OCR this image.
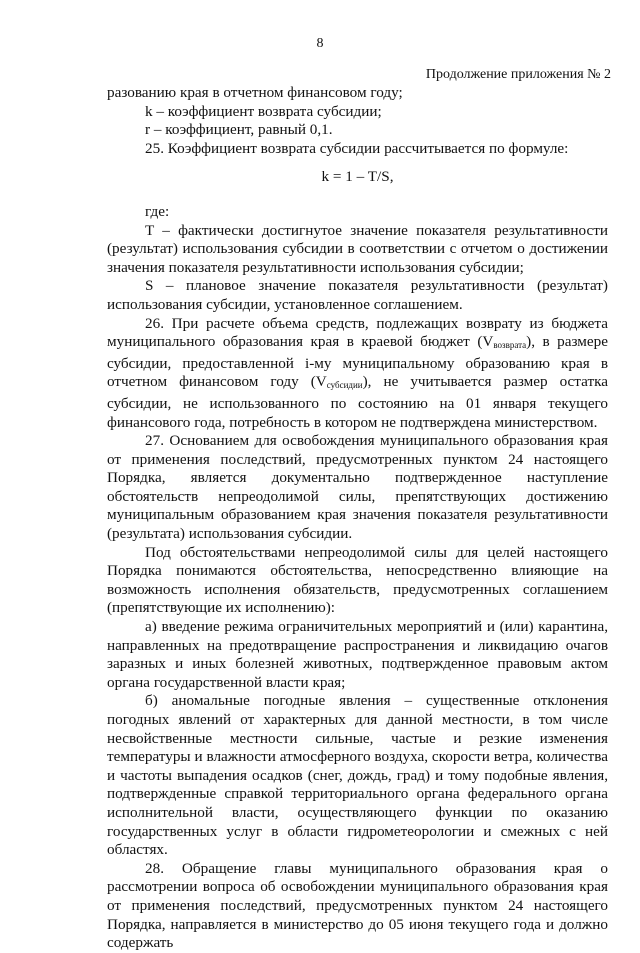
8
Продолжение приложения № 2

разованию края в отчетном финансовом году;

k – коэффициент возврата субсидии;

r – коэффициент, равный 0,1.

25. Коэффициент возврата субсидии рассчитывается по формуле:

k = 1 – T/S,

где:

T – фактически достигнутое значение показателя результативности (результат) использования субсидии в соответствии с отчетом о достижении значения показателя результативности использования субсидии;

S – плановое значение показателя результативности (результат) использования субсидии, установленное соглашением.

26. При расчете объема средств, подлежащих возврату из бюджета муниципального образования края в краевой бюджет $(V_{возврата})$, в размере субсидии, предоставленной i-му муниципальному образованию края в отчетном финансовом году $(V_{субсидии})$, не учитывается размер остатка субсидии, не использованного по состоянию на 01 января текущего финансового года, потребность в котором не подтверждена министерством.

27. Основанием для освобождения муниципального образования края от применения последствий, предусмотренных пунктом 24 настоящего Порядка, является документально подтвержденное наступление обстоятельств непреодолимой силы, препятствующих достижению муниципальным образованием края значения показателя результативности (результата) использования субсидии.

Под обстоятельствами непреодолимой силы для целей настоящего Порядка понимаются обстоятельства, непосредственно влияющие на возможность исполнения обязательств, предусмотренных соглашением (препятствующие их исполнению):

а) введение режима ограничительных мероприятий и (или) карантина, направленных на предотвращение распространения и ликвидацию очагов заразных и иных болезней животных, подтвержденное правовым актом органа государственной власти края;

б) аномальные погодные явления – существенные отклонения погодных явлений от характерных для данной местности, в том числе несвойственные местности сильные, частые и резкие изменения температуры и влажности атмосферного воздуха, скорости ветра, количества и частоты выпадения осадков (снег, дождь, град) и тому подобные явления, подтвержденные справкой территориального органа федерального органа исполнительной власти, осуществляющего функции по оказанию государственных услуг в области гидрометеорологии и смежных с ней областях.

28. Обращение главы муниципального образования края о рассмотрении вопроса об освобождении муниципального образования края от применения последствий, предусмотренных пунктом 24 настоящего Порядка, направляется в министерство до 05 июня текущего года и должно содержать
